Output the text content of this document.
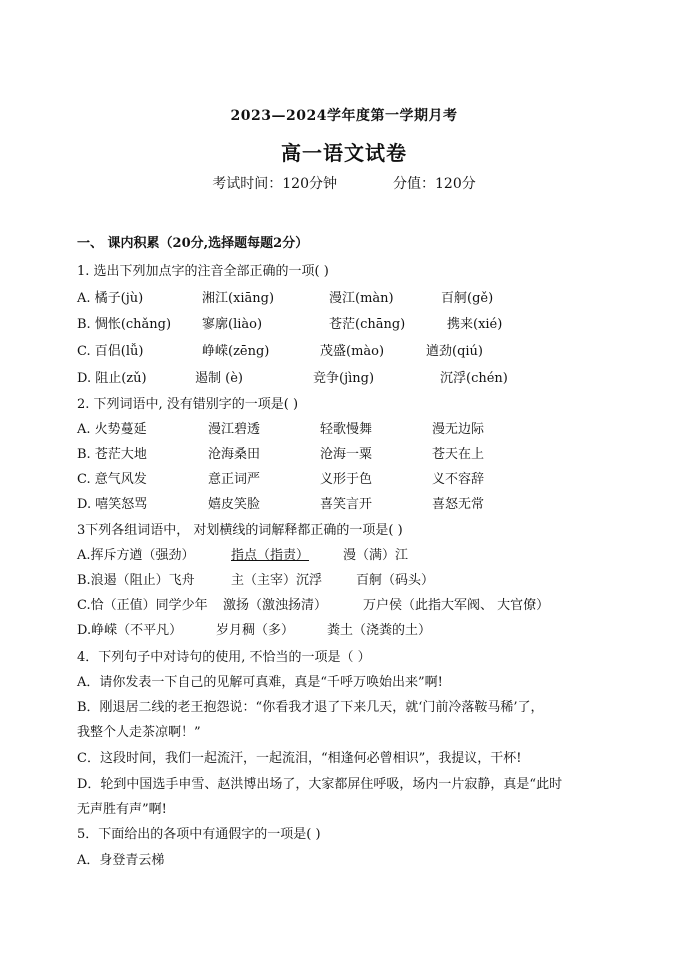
2023—2024学年度第一学期月考
高一语文试卷
考试时间：120分钟	分值：120分
一、 课内积累（20分,选择题每题2分）
1. 选出下列加点字的注音全部正确的一项( )
A. 橘子(jù)	湘江(xiāng)	漫江(màn)	百舸(gě)
B. 惆怅(chǎng) 寥廓(liào)	苍茫(chāng)	携来(xié)
C. 百侣(lǚ)	峥嵘(zēng)	茂盛(mào)	遒劲(qiú)
D. 阻止(zǔ)	遏制 (è)	竞争(jìng)	沉浮(chén)
2. 下列词语中, 没有错别字的一项是( )
A. 火势蔓延	漫江碧透	轻歌慢舞	漫无边际
B. 苍茫大地	沧海桑田	沧海一粟	苍天在上
C. 意气风发	意正词严	义形于色	义不容辞
D. 嘻笑怒骂	嬉皮笑脸	喜笑言开	喜怒无常
3下列各组词语中， 对划横线的词解释都正确的一项是( )
A.挥斥方遒（强劲）	指点（指责）	漫（满）江
B.浪遏（阻止）飞舟	主（主宰）沉浮	百舸（码头）
C.恰（正值）同学少年 激扬（激浊扬清）	万户侯（此指大军阀、 大官僚）
D.峥嵘（不平凡）	岁月稠（多）	粪土（浇粪的土）
4．下列句子中对诗句的使用, 不恰当的一项是（ ）
A．请你发表一下自己的见解可真难，真是“千呼万唤始出来”啊!
B．刚退居二线的老王抱怨说：“你看我才退了下来几天，就‘门前冷落鞍马稀’了，
我整个人走茶凉啊！”
C．这段时间，我们一起流汗，一起流泪，“相逢何必曾相识”，我提议，干杯!
D．轮到中国选手申雪、赵洪博出场了，大家都屏住呼吸，场内一片寂静，真是“此时
无声胜有声”啊!
5．下面给出的各项中有通假字的一项是( )
A．身登青云梯
